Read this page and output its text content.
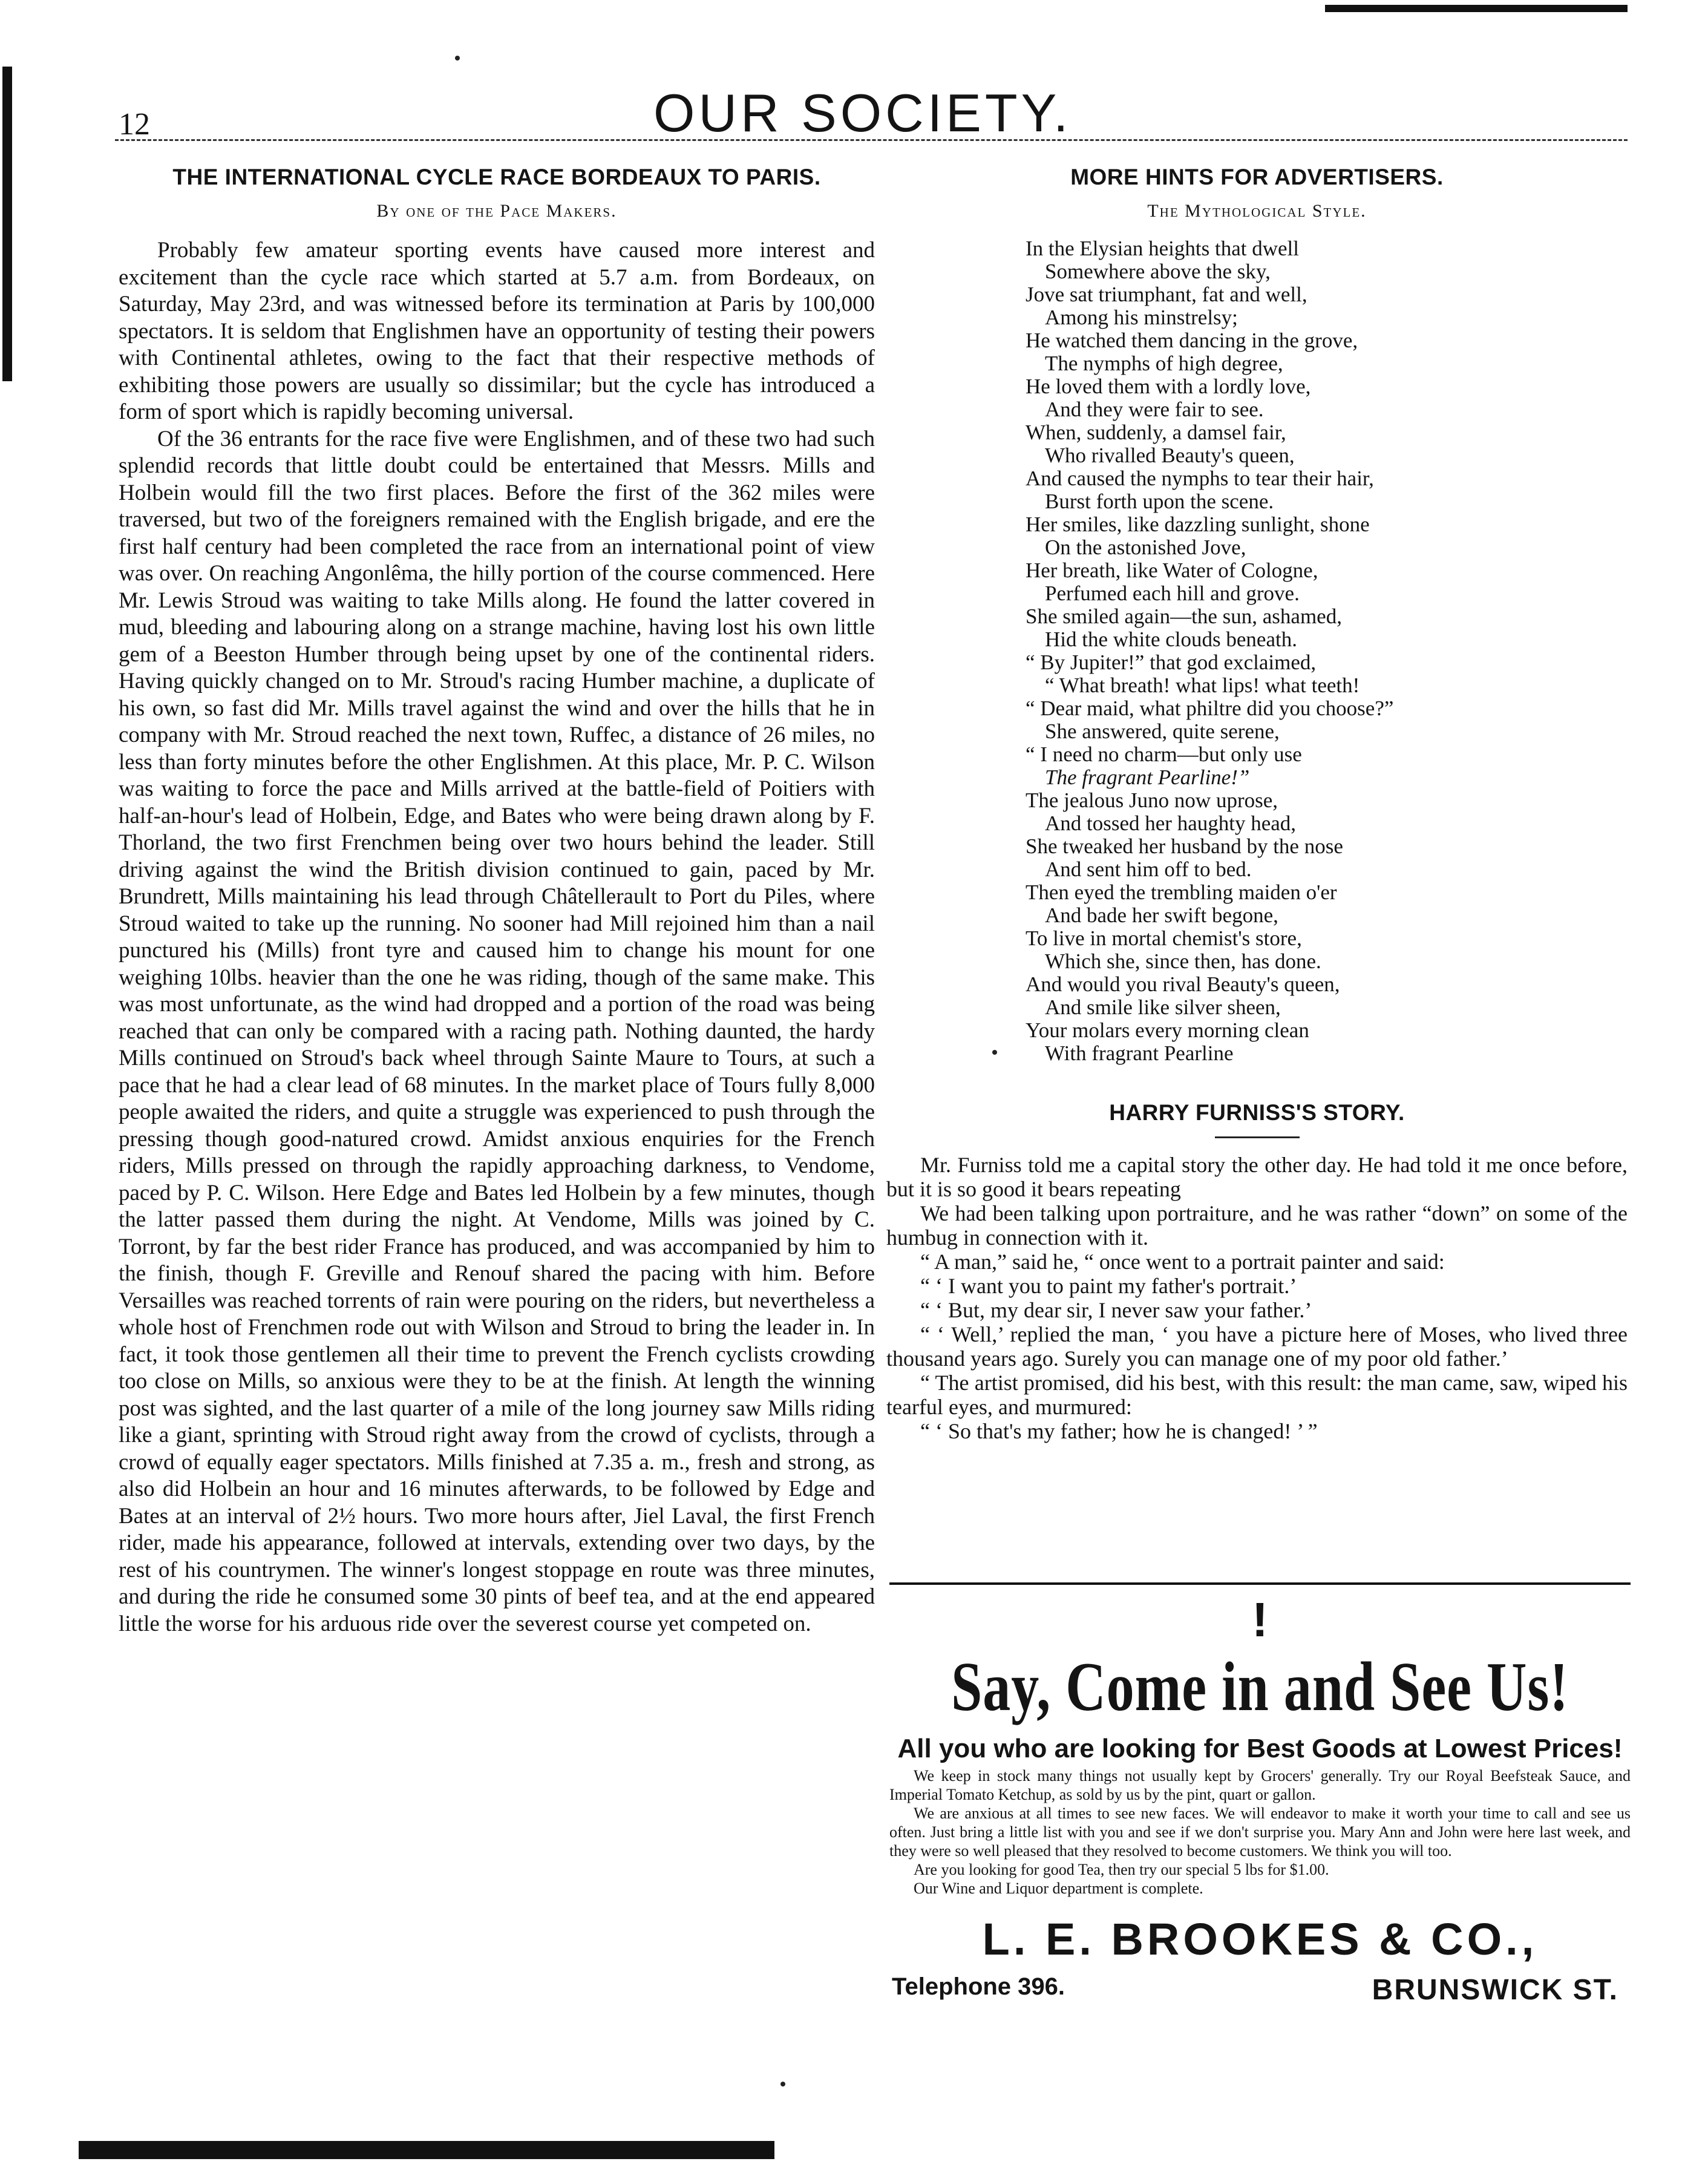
12	OUR SOCIETY.
THE INTERNATIONAL CYCLE RACE BORDEAUX TO PARIS.
By one of the Pace Makers.

Probably few amateur sporting events have caused more interest and excitement than the cycle race which started at 5.7 a.m. from Bordeaux, on Saturday, May 23rd, and was witnessed before its termination at Paris by 100,000 spectators. It is seldom that Englishmen have an opportunity of testing their powers with Continental athletes, owing to the fact that their respective methods of exhibiting those powers are usually so dissimilar; but the cycle has introduced a form of sport which is rapidly becoming universal.

Of the 36 entrants for the race five were Englishmen, and of these two had such splendid records that little doubt could be entertained that Messrs. Mills and Holbein would fill the two first places. Before the first of the 362 miles were traversed, but two of the foreigners remained with the English brigade, and ere the first half century had been completed the race from an international point of view was over. On reaching Angonlêma, the hilly portion of the course commenced. Here Mr. Lewis Stroud was waiting to take Mills along. He found the latter covered in mud, bleeding and labouring along on a strange machine, having lost his own little gem of a Beeston Humber through being upset by one of the continental riders. Having quickly changed on to Mr. Stroud's racing Humber machine, a duplicate of his own, so fast did Mr. Mills travel against the wind and over the hills that he in company with Mr. Stroud reached the next town, Ruffec, a distance of 26 miles, no less than forty minutes before the other Englishmen. At this place, Mr. P. C. Wilson was waiting to force the pace and Mills arrived at the battle-field of Poitiers with half-an-hour's lead of Holbein, Edge, and Bates who were being drawn along by F. Thorland, the two first Frenchmen being over two hours behind the leader. Still driving against the wind the British division continued to gain, paced by Mr. Brundrett, Mills maintaining his lead through Châtellerault to Port du Piles, where Stroud waited to take up the running. No sooner had Mill rejoined him than a nail punctured his (Mills) front tyre and caused him to change his mount for one weighing 10lbs. heavier than the one he was riding, though of the same make. This was most unfortunate, as the wind had dropped and a portion of the road was being reached that can only be compared with a racing path. Nothing daunted, the hardy Mills continued on Stroud's back wheel through Sainte Maure to Tours, at such a pace that he had a clear lead of 68 minutes. In the market place of Tours fully 8,000 people awaited the riders, and quite a struggle was experienced to push through the pressing though good-natured crowd. Amidst anxious enquiries for the French riders, Mills pressed on through the rapidly approaching darkness, to Vendome, paced by P. C. Wilson. Here Edge and Bates led Holbein by a few minutes, though the latter passed them during the night. At Vendome, Mills was joined by C. Torront, by far the best rider France has produced, and was accompanied by him to the finish, though F. Greville and Renouf shared the pacing with him. Before Versailles was reached torrents of rain were pouring on the riders, but nevertheless a whole host of Frenchmen rode out with Wilson and Stroud to bring the leader in. In fact, it took those gentlemen all their time to prevent the French cyclists crowding too close on Mills, so anxious were they to be at the finish. At length the winning post was sighted, and the last quarter of a mile of the long journey saw Mills riding like a giant, sprinting with Stroud right away from the crowd of cyclists, through a crowd of equally eager spectators. Mills finished at 7.35 a. m., fresh and strong, as also did Holbein an hour and 16 minutes afterwards, to be followed by Edge and Bates at an interval of 2½ hours. Two more hours after, Jiel Laval, the first French rider, made his appearance, followed at intervals, extending over two days, by the rest of his countrymen. The winner's longest stoppage en route was three minutes, and during the ride he consumed some 30 pints of beef tea, and at the end appeared little the worse for his arduous ride over the severest course yet competed on.

MORE HINTS FOR ADVERTISERS.
The Mythological Style.
In the Elysian heights that dwell
Somewhere above the sky,
Jove sat triumphant, fat and well,
Among his minstrelsy;
He watched them dancing in the grove,
The nymphs of high degree,
He loved them with a lordly love,
And they were fair to see.
When, suddenly, a damsel fair,
Who rivalled Beauty's queen,
And caused the nymphs to tear their hair,
Burst forth upon the scene.
Her smiles, like dazzling sunlight, shone
On the astonished Jove,
Her breath, like Water of Cologne,
Perfumed each hill and grove.
She smiled again—the sun, ashamed,
Hid the white clouds beneath.
“ By Jupiter!” that god exclaimed,
“ What breath! what lips! what teeth!
“ Dear maid, what philtre did you choose?”
She answered, quite serene,
“ I need no charm—but only use
The fragrant Pearline!”
The jealous Juno now uprose,
And tossed her haughty head,
She tweaked her husband by the nose
And sent him off to bed.
Then eyed the trembling maiden o'er
And bade her swift begone,
To live in mortal chemist's store,
Which she, since then, has done.
And would you rival Beauty's queen,
And smile like silver sheen,
Your molars every morning clean
With fragrant Pearline
HARRY FURNISS'S STORY.

Mr. Furniss told me a capital story the other day. He had told it me once before, but it is so good it bears repeating

We had been talking upon portraiture, and he was rather “down” on some of the humbug in connection with it.

“ A man,” said he, “ once went to a portrait painter and said:

“ ‘ I want you to paint my father's portrait.’

“ ‘ But, my dear sir, I never saw your father.’

“ ‘ Well,’ replied the man, ‘ you have a picture here of Moses, who lived three thousand years ago. Surely you can manage one of my poor old father.’

“ The artist promised, did his best, with this result: the man came, saw, wiped his tearful eyes, and murmured:

“ ‘ So that's my father; how he is changed! ’ ”

!
Say, Come in and See Us!
All you who are looking for Best Goods at Lowest Prices!

We keep in stock many things not usually kept by Grocers' generally. Try our Royal Beefsteak Sauce, and Imperial Tomato Ketchup, as sold by us by the pint, quart or gallon.

We are anxious at all times to see new faces. We will endeavor to make it worth your time to call and see us often. Just bring a little list with you and see if we don't surprise you. Mary Ann and John were here last week, and they were so well pleased that they resolved to become customers. We think you will too.

Are you looking for good Tea, then try our special 5 lbs for $1.00.

Our Wine and Liquor department is complete.

L. E. BROOKES & CO.,
Telephone 396.	BRUNSWICK ST.
